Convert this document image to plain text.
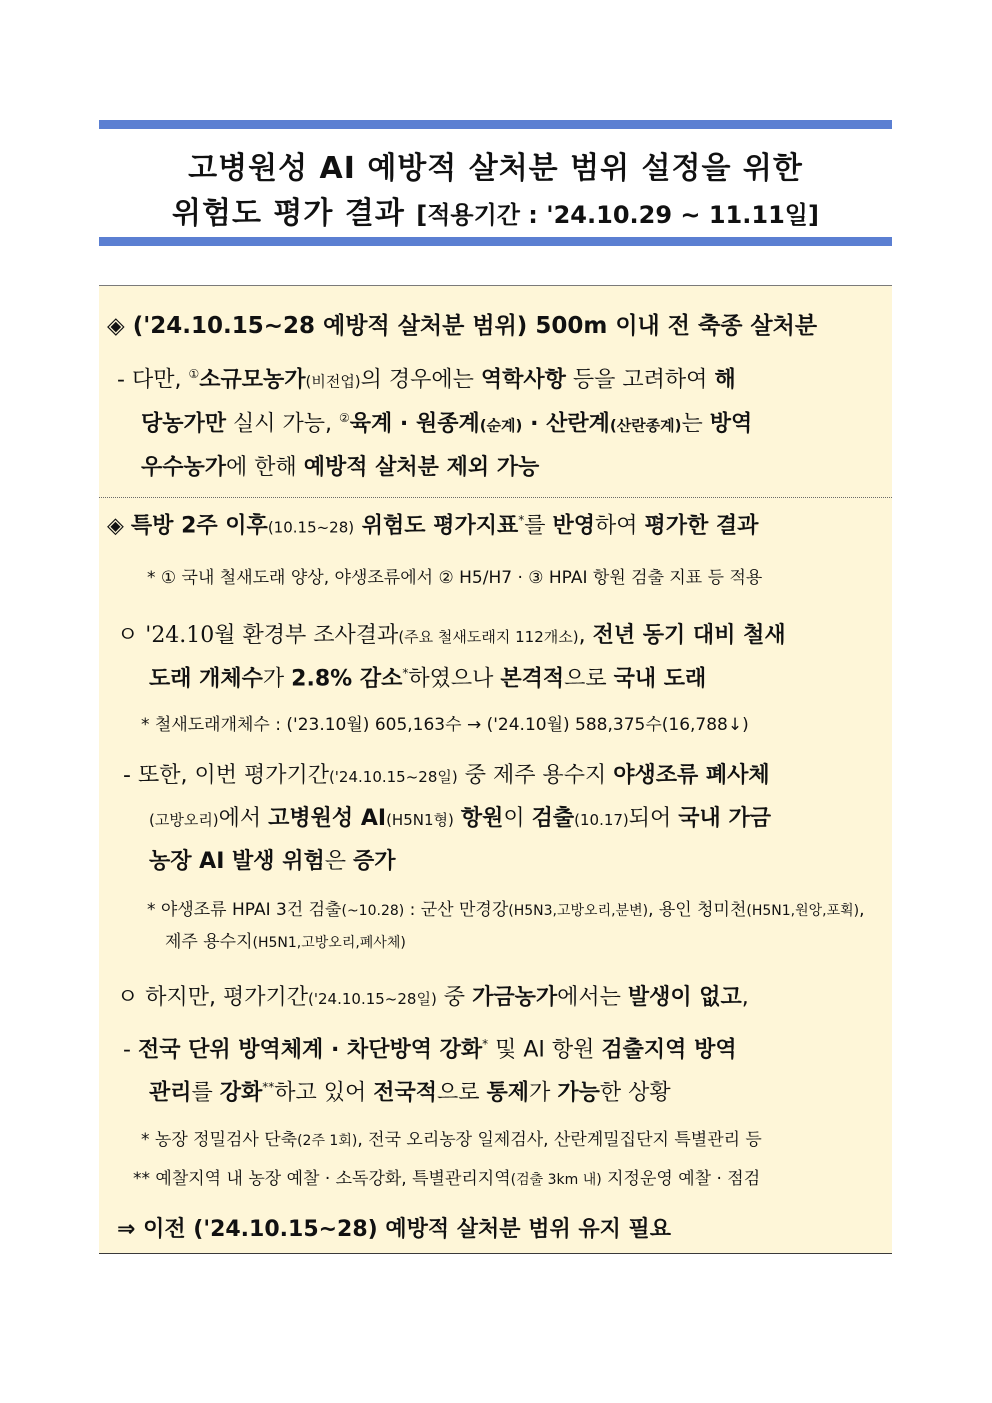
고병원성 AI 예방적 살처분 범위 설정을 위한
위험도 평가 결과 [적용기간 : '24.10.29 ~ 11.11일]
◈ ('24.10.15~28 예방적 살처분 범위) 500m 이내 전 축종 살처분
- 다만, ①소규모농가(비전업)의 경우에는 역학사항 등을 고려하여 해
당농가만 실시 가능, ②육계 · 원종계(순계) · 산란계(산란종계)는 방역
우수농가에 한해 예방적 살처분 제외 가능
◈ 특방 2주 이후(10.15~28) 위험도 평가지표*를 반영하여 평가한 결과
* ① 국내 철새도래 양상, 야생조류에서 ② H5/H7 · ③ HPAI 항원 검출 지표 등 적용
ㅇ '24.10월 환경부 조사결과(주요 철새도래지 112개소), 전년 동기 대비 철새
도래 개체수가 2.8% 감소*하였으나 본격적으로 국내 도래
* 철새도래개체수 : ('23.10월) 605,163수 → ('24.10월) 588,375수(16,788↓)
- 또한, 이번 평가기간('24.10.15~28일) 중 제주 용수지 야생조류 폐사체
(고방오리)에서 고병원성 AI(H5N1형) 항원이 검출(10.17)되어 국내 가금
농장 AI 발생 위험은 증가
* 야생조류 HPAI 3건 검출(~10.28) : 군산 만경강(H5N3,고방오리,분변), 용인 청미천(H5N1,원앙,포획),
제주 용수지(H5N1,고방오리,폐사체)
ㅇ 하지만, 평가기간('24.10.15~28일) 중 가금농가에서는 발생이 없고,
- 전국 단위 방역체계 · 차단방역 강화* 및 AI 항원 검출지역 방역
관리를 강화**하고 있어 전국적으로 통제가 가능한 상황
* 농장 정밀검사 단축(2주 1회), 전국 오리농장 일제검사, 산란계밀집단지 특별관리 등
** 예찰지역 내 농장 예찰 · 소독강화, 특별관리지역(검출 3km 내) 지정운영 예찰 · 점검
⇒ 이전 ('24.10.15~28) 예방적 살처분 범위 유지 필요
